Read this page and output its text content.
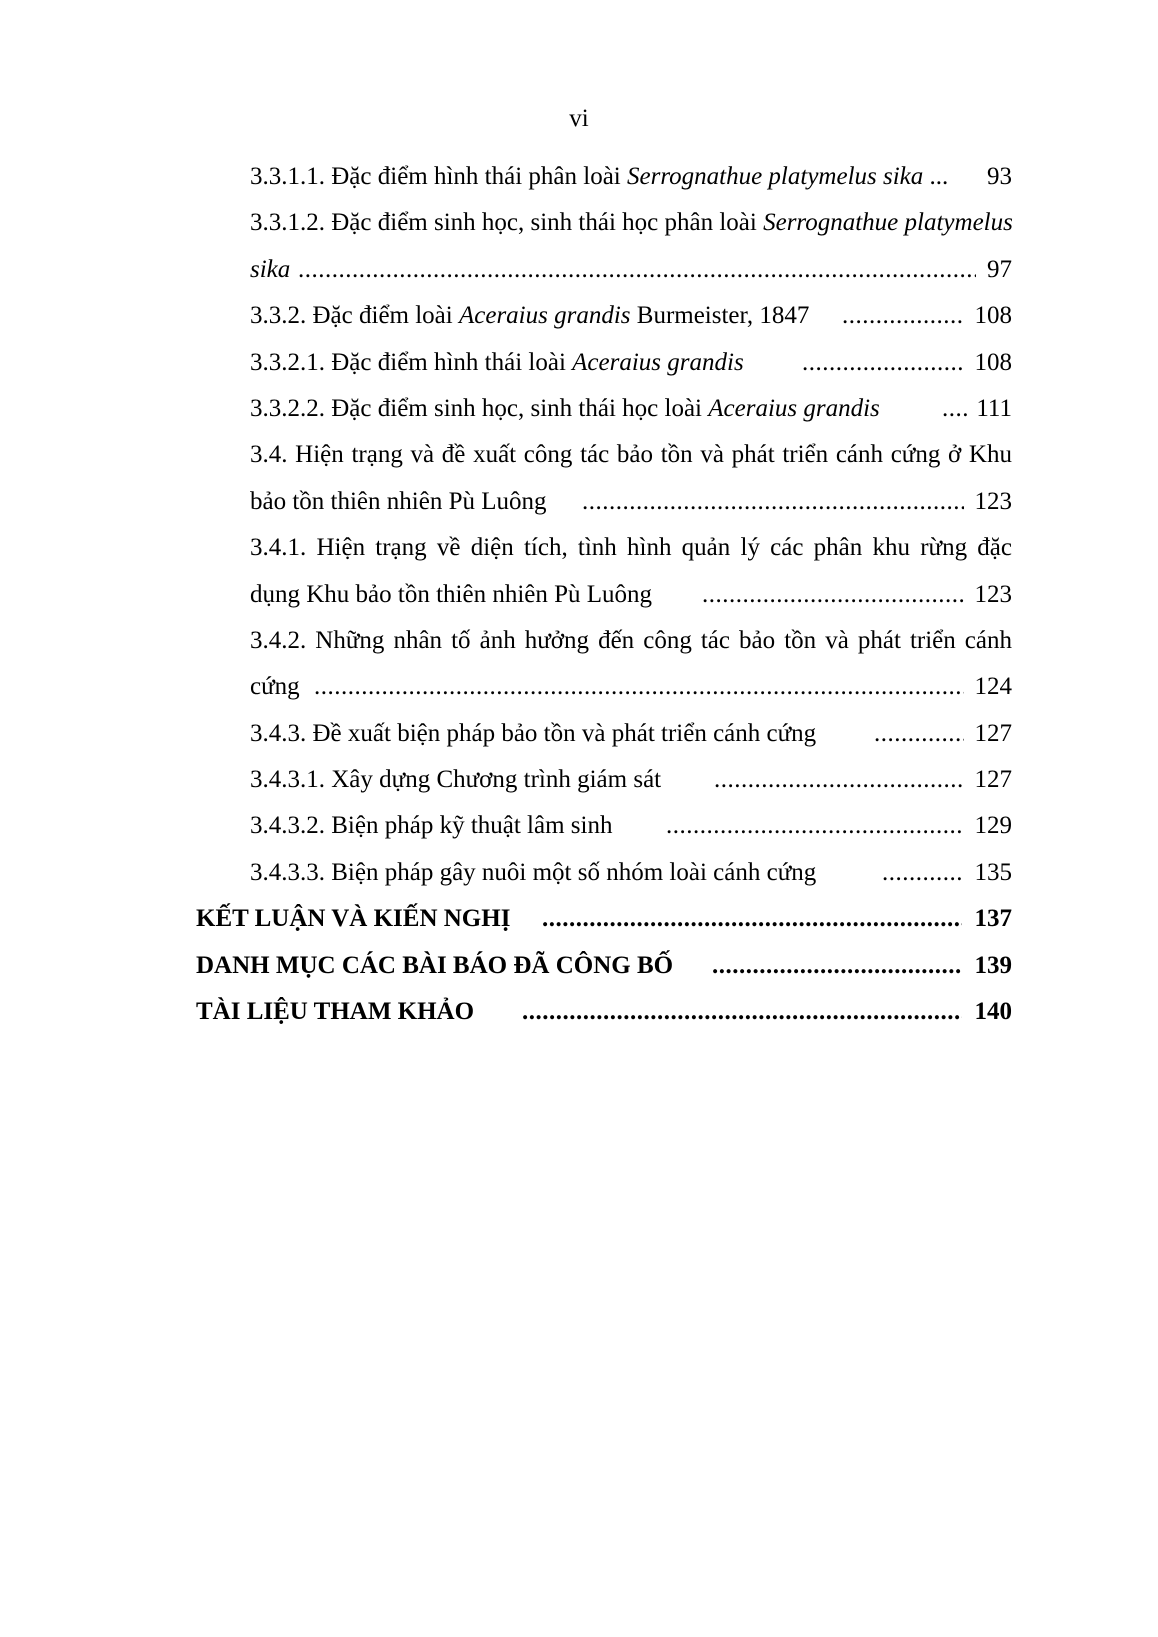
vi
3.3.1.1. Đặc điểm hình thái phân loài Serrognathue platymelus sika ... 93
3.3.1.2. Đặc điểm sinh học, sinh thái học phân loài Serrognathue platymelus
sika .....	97
3.3.2. Đặc điểm loài Aceraius grandis Burmeister, 1847 .....	108
3.3.2.1. Đặc điểm hình thái loài Aceraius grandis .....	108
3.3.2.2. Đặc điểm sinh học, sinh thái học loài Aceraius grandis .....	111
3.4. Hiện trạng và đề xuất công tác bảo tồn và phát triển cánh cứng ở Khu
bảo tồn thiên nhiên Pù Luông .....	123
3.4.1. Hiện trạng về diện tích, tình hình quản lý các phân khu rừng đặc
dụng Khu bảo tồn thiên nhiên Pù Luông .....	123
3.4.2. Những nhân tố ảnh hưởng đến công tác bảo tồn và phát triển cánh
cứng .....	124
3.4.3. Đề xuất biện pháp bảo tồn và phát triển cánh cứng .....	127
3.4.3.1. Xây dựng Chương trình giám sát .....	127
3.4.3.2. Biện pháp kỹ thuật lâm sinh .....	129
3.4.3.3. Biện pháp gây nuôi một số nhóm loài cánh cứng .....	135
KẾT LUẬN VÀ KIẾN NGHỊ .....	137
DANH MỤC CÁC BÀI BÁO ĐÃ CÔNG BỐ .....	139
TÀI LIỆU THAM KHẢO .....	140
